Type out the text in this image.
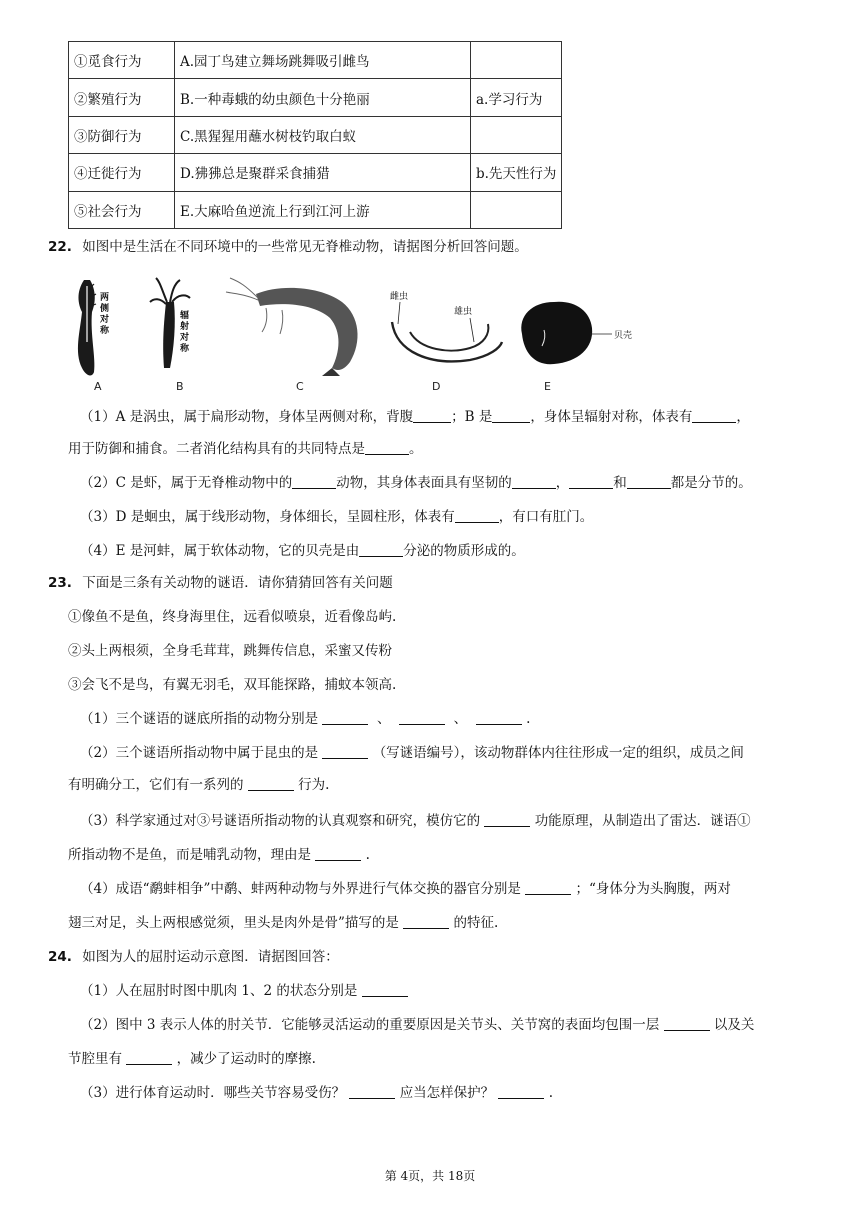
①觅食行为	A.园丁鸟建立舞场跳舞吸引雌鸟	
②繁殖行为	B.一种毒蛾的幼虫颜色十分艳丽	a.学习行为
③防御行为	C.黑猩猩用蘸水树枝钓取白蚁	
④迁徙行为	D.狒狒总是聚群采食捕猎	b.先天性行为
⑤社会行为	E.大麻哈鱼逆流上行到江河上游	
22. 如图中是生活在不同环境中的一些常见无脊椎动物，请据图分析回答问题。
两 侧 对 称
A
辐 射 对 称
B	C
雌虫
雄虫
D
贝壳
E
（1）A 是涡虫，属于扁形动物，身体呈两侧对称，背腹	；B 是	，身体呈辐射对称，体表有	，
用于防御和捕食。二者消化结构具有的共同特点是	。
（2）C 是虾，属于无脊椎动物中的	动物，其身体表面具有坚韧的	，	和	都是分节的。
（3）D 是蛔虫，属于线形动物，身体细长，呈圆柱形，体表有	，有口有肛门。
（4）E 是河蚌，属于软体动物，它的贝壳是由	分泌的物质形成的。
23. 下面是三条有关动物的谜语．请你猜猜回答有关问题
①像鱼不是鱼，终身海里住，远看似喷泉，近看像岛屿.
②头上两根须，全身毛茸茸，跳舞传信息，采蜜又传粉
③会飞不是鸟，有翼无羽毛，双耳能探路，捕蚊本领高.
（1）三个谜语的谜底所指的动物分别是	、	、	.
（2）三个谜语所指动物中属于昆虫的是	（写谜语编号），该动物群体内往往形成一定的组织，成员之间
有明确分工，它们有一系列的	行为.
（3）科学家通过对③号谜语所指动物的认真观察和研究，模仿它的	功能原理，从制造出了雷达．谜语①
所指动物不是鱼，而是哺乳动物，理由是	.
（4）成语“鹬蚌相争”中鹬、蚌两种动物与外界进行气体交换的器官分别是	；“身体分为头胸腹，两对
翅三对足，头上两根感觉须，里头是肉外是骨”描写的是	的特征.
24. 如图为人的屈肘运动示意图．请据图回答：
（1）人在屈肘时图中肌肉 1、2 的状态分别是
（2）图中 3 表示人体的肘关节．它能够灵活运动的重要原因是关节头、关节窝的表面均包围一层	以及关
节腔里有	，减少了运动时的摩擦.
（3）进行体育运动时．哪些关节容易受伤？	应当怎样保护？	.
第 4页，共 18页
